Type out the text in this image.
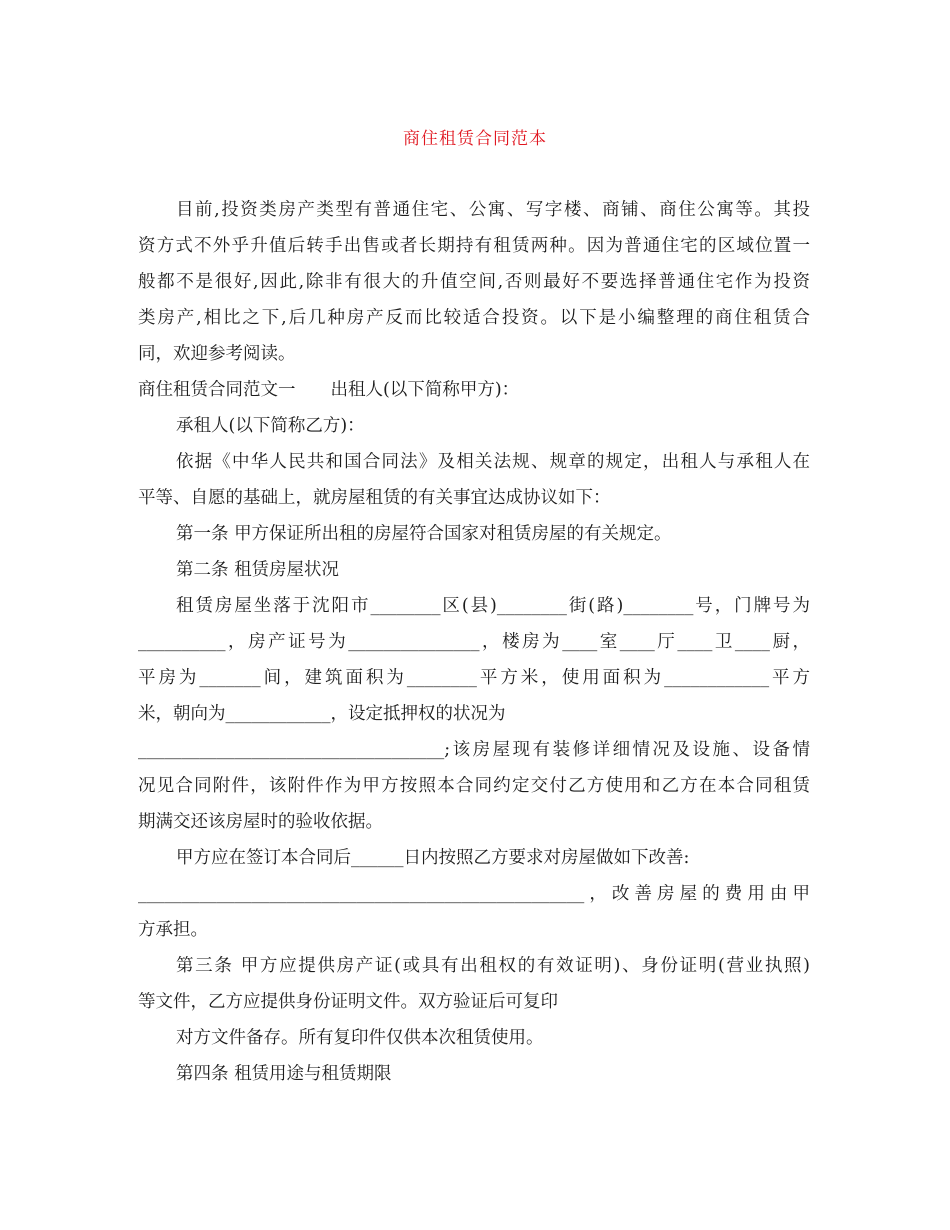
商住租赁合同范本
目前,投资类房产类型有普通住宅、公寓、写字楼、商铺、商住公寓等。其投
资方式不外乎升值后转手出售或者长期持有租赁两种。因为普通住宅的区域位置一
般都不是很好,因此,除非有很大的升值空间,否则最好不要选择普通住宅作为投资
类房产,相比之下,后几种房产反而比较适合投资。以下是小编整理的商住租赁合
同，欢迎参考阅读。
商住租赁合同范文一　　出租人(以下简称甲方)：
承租人(以下简称乙方)：
依据《中华人民共和国合同法》及相关法规、规章的规定，出租人与承租人在
平等、自愿的基础上，就房屋租赁的有关事宜达成协议如下：
第一条 甲方保证所出租的房屋符合国家对租赁房屋的有关规定。
第二条 租赁房屋状况
租赁房屋坐落于沈阳市________区(县)________街(路)________号，门牌号为
__________，房产证号为_______________，楼房为____室____厅____卫____厨，
平房为_______间，建筑面积为________平方米，使用面积为____________平方
米，朝向为____________，设定抵押权的状况为
___________________________________;该房屋现有装修详细情况及设施、设备情
况见合同附件，该附件作为甲方按照本合同约定交付乙方使用和乙方在本合同租赁
期满交还该房屋时的验收依据。
甲方应在签订本合同后______日内按照乙方要求对房屋做如下改善:
___________________________________________________，改善房屋的费用由甲
方承担。
第三条 甲方应提供房产证(或具有出租权的有效证明)、身份证明(营业执照)
等文件，乙方应提供身份证明文件。双方验证后可复印
对方文件备存。所有复印件仅供本次租赁使用。
第四条 租赁用途与租赁期限
